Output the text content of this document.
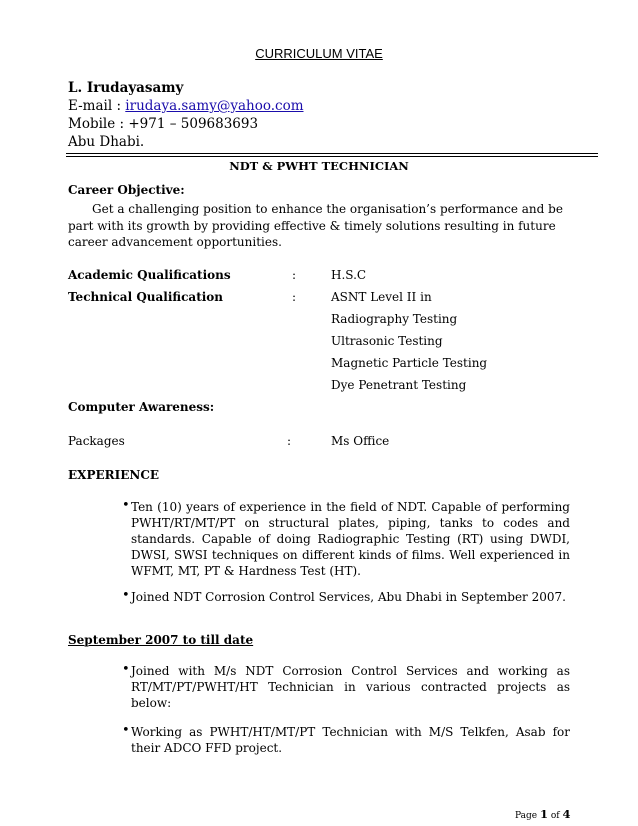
CURRICULUM VITAE
L. Irudayasamy
E-mail : irudaya.samy@yahoo.com
Mobile : +971 – 509683693
Abu Dhabi.
NDT & PWHT TECHNICIAN
Career Objective:
Get a challenging position to enhance the organisation’s performance and be part with its growth by providing effective & timely solutions resulting in future career advancement opportunities.
Academic Qualifications	:	H.S.C
Technical Qualification	:	ASNT Level II in
Radiography Testing
Ultrasonic Testing
Magnetic Particle Testing
Dye Penetrant Testing
Computer Awareness:
Packages	:	Ms Office
EXPERIENCE
• Ten (10) years of experience in the field of NDT. Capable of performing PWHT/RT/MT/PT on structural plates, piping, tanks to codes and standards. Capable of doing Radiographic Testing (RT) using DWDI, DWSI, SWSI techniques on different kinds of films. Well experienced in WFMT, MT, PT & Hardness Test (HT).
• Joined NDT Corrosion Control Services, Abu Dhabi in September 2007.
September 2007 to till date
• Joined with M/s NDT Corrosion Control Services and working as RT/MT/PT/PWHT/HT Technician in various contracted projects as below:
• Working as PWHT/HT/MT/PT Technician with M/S Telkfen, Asab for their ADCO FFD project.
Page 1 of 4
